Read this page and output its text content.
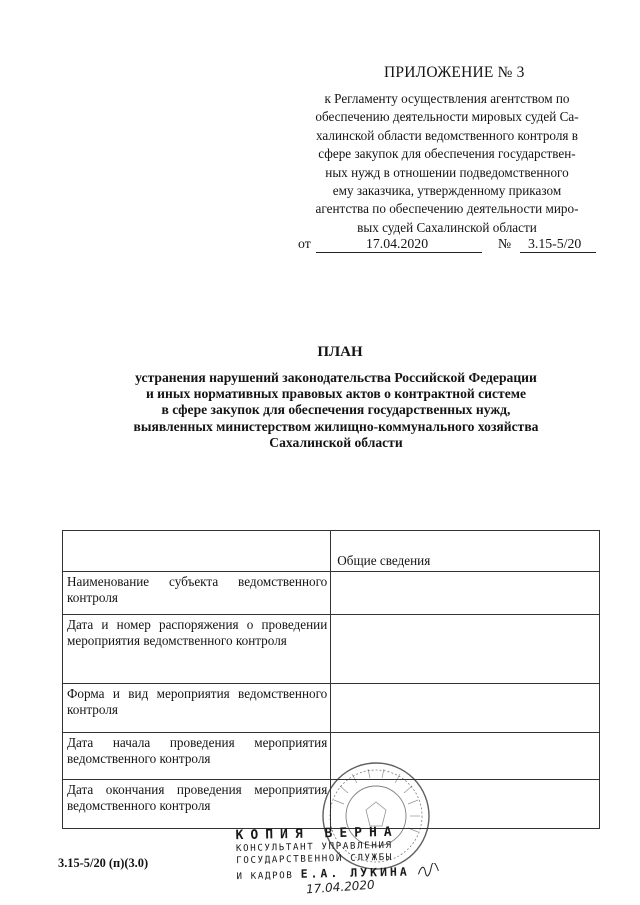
ПРИЛОЖЕНИЕ № 3
к Регламенту осуществления агентством по
обеспечению деятельности мировых судей Са-
халинской области ведомственного контроля в
сфере закупок для обеспечения государствен-
ных нужд в отношении подведомственного
ему заказчика, утвержденному приказом
агентства по обеспечению деятельности миро-
вых судей Сахалинской области
от	17.04.2020	№ 3.15-5/20
ПЛАН
устранения нарушений законодательства Российской Федерации
и иных нормативных правовых актов о контрактной системе
в сфере закупок для обеспечения государственных нужд,
выявленных министерством жилищно-коммунального хозяйства
Сахалинской области
	Общие сведения
Наименование субъекта ведомственного контроля	
Дата и номер распоряжения о проведении мероприятия ведомственного контроля	
Форма и вид мероприятия ведомственного контроля	
Дата начала проведения мероприятия ведомственного контроля	
Дата окончания проведения мероприятия ведомственного контроля	
КОПИЯ ВЕРНА
КОНСУЛЬТАНТ УПРАВЛЕНИЯ
ГОСУДАРСТВЕННОЙ СЛУЖБЫ
И КАДРОВ Е.А. ЛУКИНА
17.04.2020
3.15-5/20 (п)(3.0)
